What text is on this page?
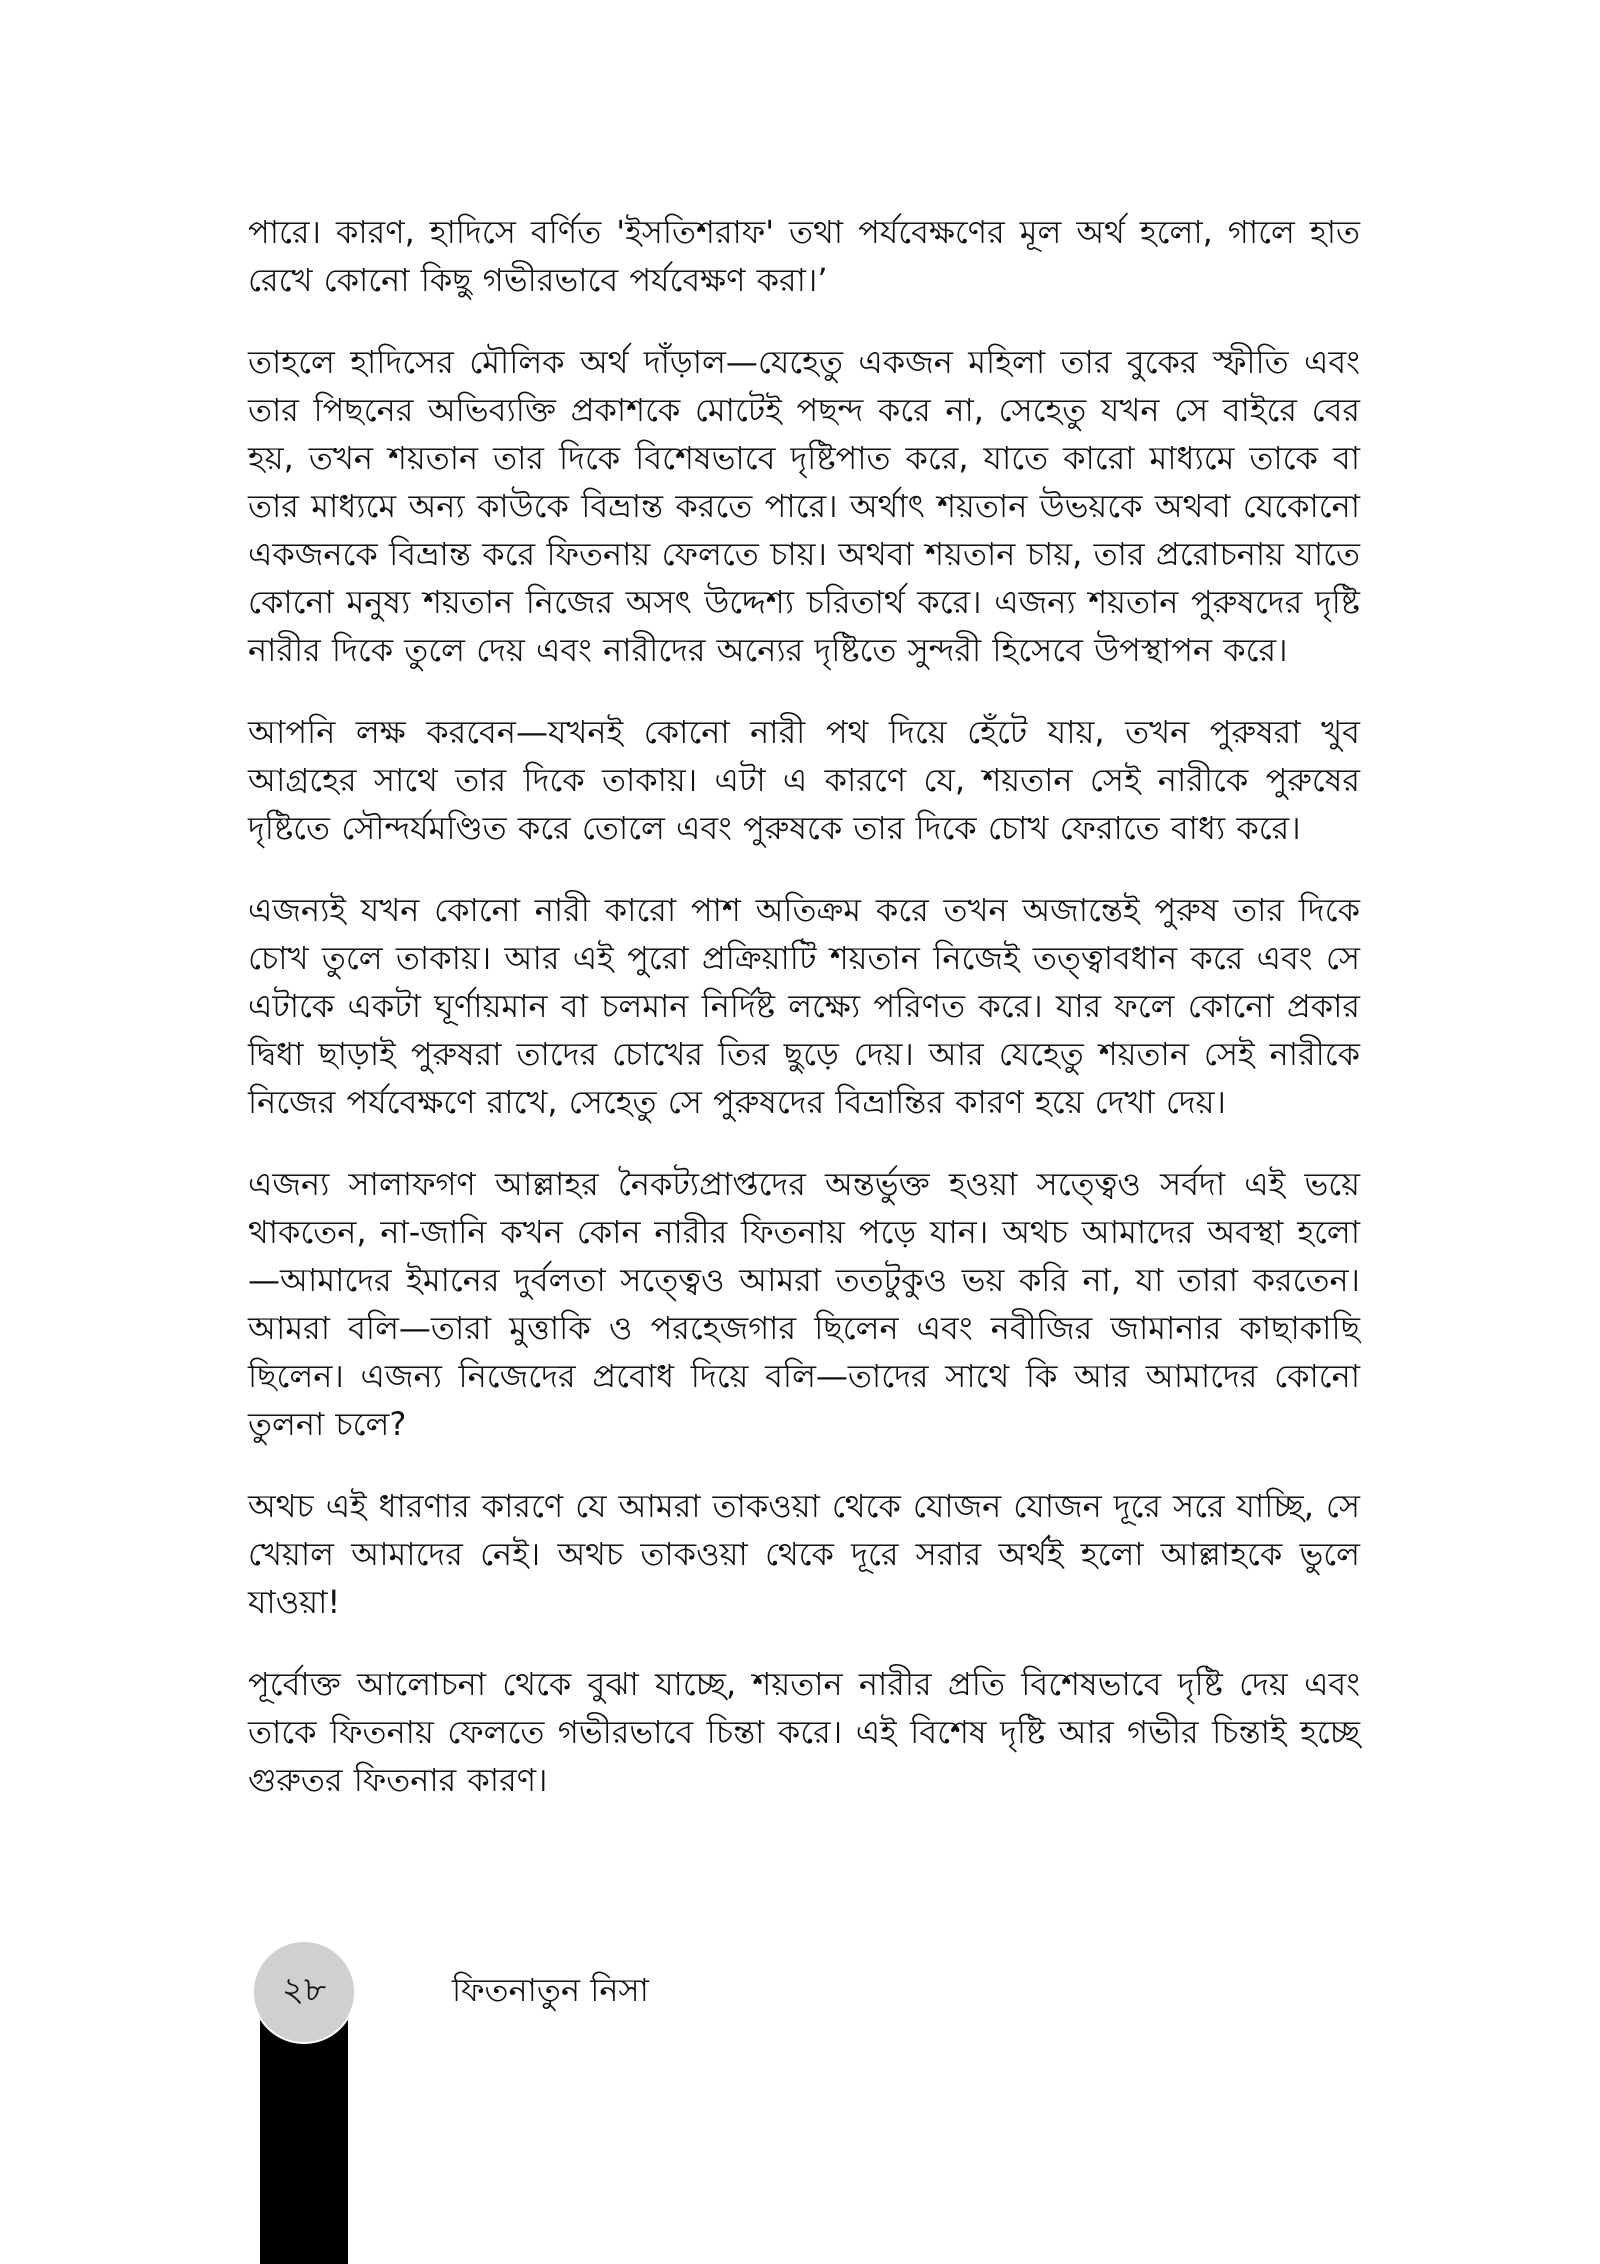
পারে। কারণ, হাদিসে বর্ণিত 'ইসতিশরাফ' তথা পর্যবেক্ষণের মূল অর্থ হলো, গালে হাত রেখে কোনো কিছু গভীরভাবে পর্যবেক্ষণ করা।’

তাহলে হাদিসের মৌলিক অর্থ দাঁড়াল—যেহেতু একজন মহিলা তার বুকের স্ফীতি এবং তার পিছনের অভিব্যক্তি প্রকাশকে মোটেই পছন্দ করে না, সেহেতু যখন সে বাইরে বের হয়, তখন শয়তান তার দিকে বিশেষভাবে দৃষ্টিপাত করে, যাতে কারো মাধ্যমে তাকে বা তার মাধ্যমে অন্য কাউকে বিভ্রান্ত করতে পারে। অর্থাৎ শয়তান উভয়কে অথবা যেকোনো একজনকে বিভ্রান্ত করে ফিতনায় ফেলতে চায়। অথবা শয়তান চায়, তার প্ররোচনায় যাতে কোনো মনুষ্য শয়তান নিজের অসৎ উদ্দেশ্য চরিতার্থ করে। এজন্য শয়তান পুরুষদের দৃষ্টি নারীর দিকে তুলে দেয় এবং নারীদের অন্যের দৃষ্টিতে সুন্দরী হিসেবে উপস্থাপন করে।

আপনি লক্ষ করবেন—যখনই কোনো নারী পথ দিয়ে হেঁটে যায়, তখন পুরুষরা খুব আগ্রহের সাথে তার দিকে তাকায়। এটা এ কারণে যে, শয়তান সেই নারীকে পুরুষের দৃষ্টিতে সৌন্দর্যমণ্ডিত করে তোলে এবং পুরুষকে তার দিকে চোখ ফেরাতে বাধ্য করে।

এজন্যই যখন কোনো নারী কারো পাশ অতিক্রম করে তখন অজান্তেই পুরুষ তার দিকে চোখ তুলে তাকায়। আর এই পুরো প্রক্রিয়াটি শয়তান নিজেই তত্ত্বাবধান করে এবং সে এটাকে একটা ঘূর্ণায়মান বা চলমান নির্দিষ্ট লক্ষ্যে পরিণত করে। যার ফলে কোনো প্রকার দ্বিধা ছাড়াই পুরুষরা তাদের চোখের তির ছুড়ে দেয়। আর যেহেতু শয়তান সেই নারীকে নিজের পর্যবেক্ষণে রাখে, সেহেতু সে পুরুষদের বিভ্রান্তির কারণ হয়ে দেখা দেয়।

এজন্য সালাফগণ আল্লাহর নৈকট্যপ্রাপ্তদের অন্তর্ভুক্ত হওয়া সত্ত্বেও সর্বদা এই ভয়ে থাকতেন, না-জানি কখন কোন নারীর ফিতনায় পড়ে যান। অথচ আমাদের অবস্থা হলো—আমাদের ইমানের দুর্বলতা সত্ত্বেও আমরা ততটুকুও ভয় করি না, যা তারা করতেন। আমরা বলি—তারা মুত্তাকি ও পরহেজগার ছিলেন এবং নবীজির জামানার কাছাকাছি ছিলেন। এজন্য নিজেদের প্রবোধ দিয়ে বলি—তাদের সাথে কি আর আমাদের কোনো তুলনা চলে?

অথচ এই ধারণার কারণে যে আমরা তাকওয়া থেকে যোজন যোজন দূরে সরে যাচ্ছি, সে খেয়াল আমাদের নেই। অথচ তাকওয়া থেকে দূরে সরার অর্থই হলো আল্লাহকে ভুলে যাওয়া!

পূর্বোক্ত আলোচনা থেকে বুঝা যাচ্ছে, শয়তান নারীর প্রতি বিশেষভাবে দৃষ্টি দেয় এবং তাকে ফিতনায় ফেলতে গভীরভাবে চিন্তা করে। এই বিশেষ দৃষ্টি আর গভীর চিন্তাই হচ্ছে গুরুতর ফিতনার কারণ।

২৮	ফিতনাতুন নিসা
